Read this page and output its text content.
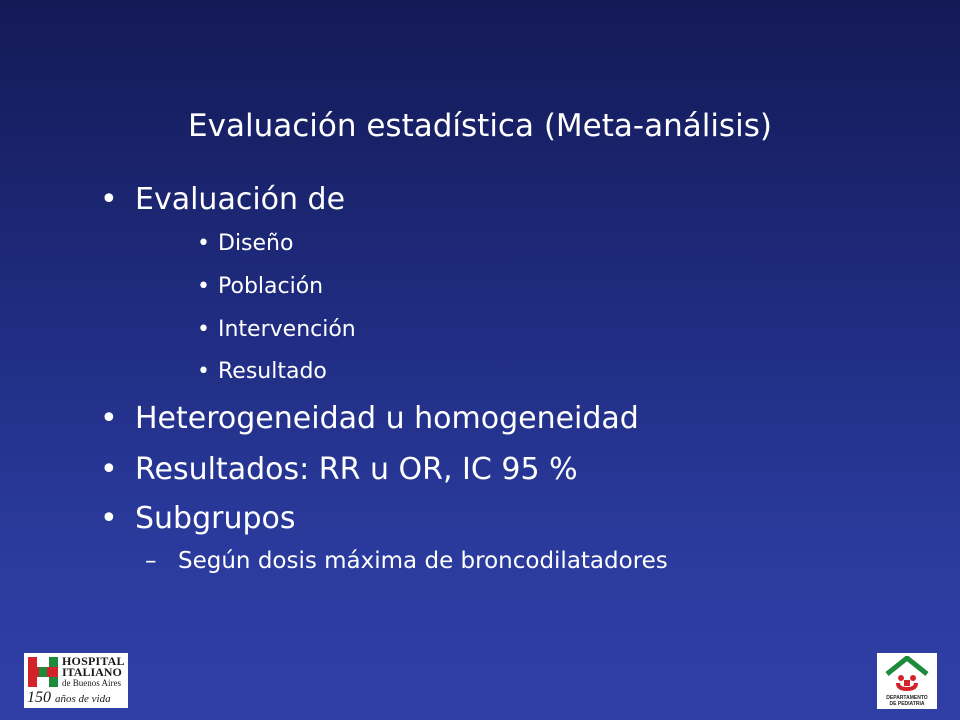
Evaluación estadística (Meta-análisis)
• Evaluación de
• Diseño
• Población
• Intervención
• Resultado
• Heterogeneidad u homogeneidad
• Resultados: RR u OR, IC 95 %
• Subgrupos
– Según dosis máxima de broncodilatadores
HOSPITAL
ITALIANO
de Buenos Aires
150 años de vida	DEPARTAMENTO
DE PEDIATRIA
